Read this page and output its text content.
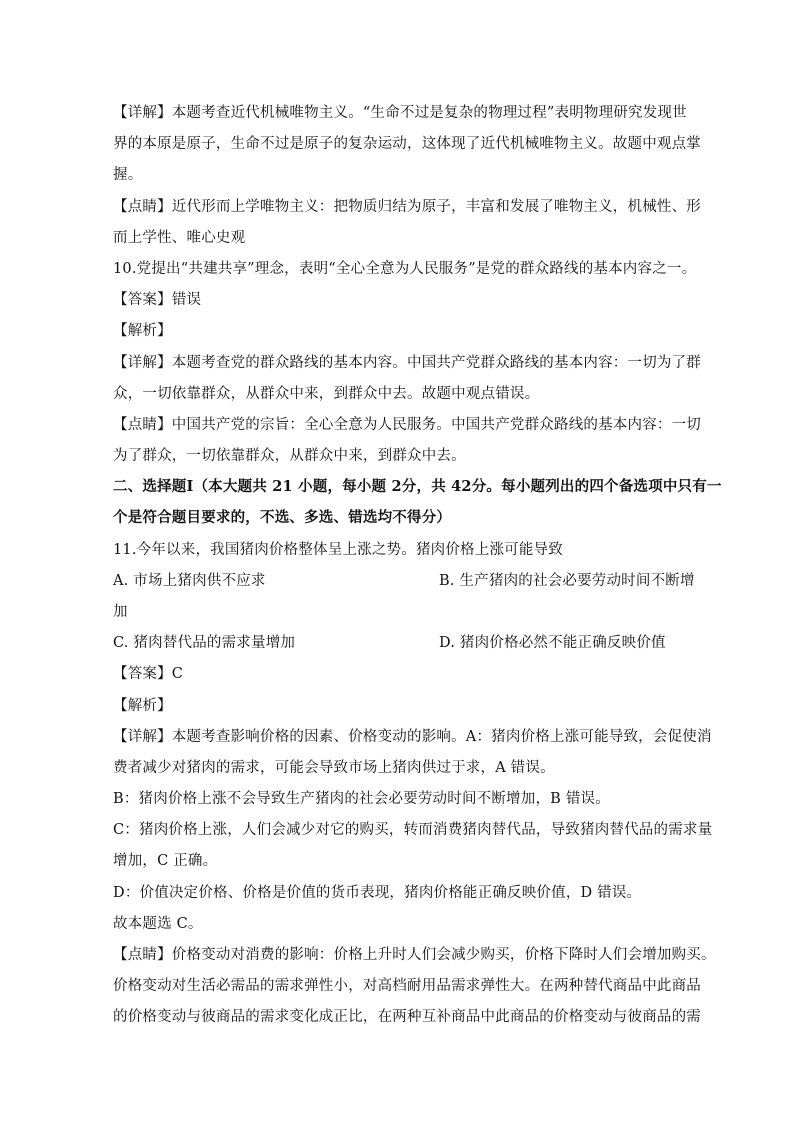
【详解】本题考查近代机械唯物主义。“生命不过是复杂的物理过程”表明物理研究发现世
界的本原是原子，生命不过是原子的复杂运动，这体现了近代机械唯物主义。故题中观点掌
握。
【点睛】近代形而上学唯物主义：把物质归结为原子，丰富和发展了唯物主义，机械性、形
而上学性、唯心史观
10.党提出“共建共享”理念，表明“全心全意为人民服务”是党的群众路线的基本内容之一。
【答案】错误
【解析】
【详解】本题考查党的群众路线的基本内容。中国共产党群众路线的基本内容：一切为了群
众，一切依靠群众，从群众中来，到群众中去。故题中观点错误。
【点睛】中国共产党的宗旨：全心全意为人民服务。中国共产党群众路线的基本内容：一切
为了群众，一切依靠群众，从群众中来，到群众中去。
二、选择题Ⅰ（本大题共 21 小题，每小题 2分，共 42分。每小题列出的四个备选项中只有一
个是符合题目要求的，不选、多选、错选均不得分）
11.今年以来，我国猪肉价格整体呈上涨之势。猪肉价格上涨可能导致
A. 市场上猪肉供不应求	B. 生产猪肉的社会必要劳动时间不断增
加
C. 猪肉替代品的需求量增加	D. 猪肉价格必然不能正确反映价值
【答案】C
【解析】
【详解】本题考查影响价格的因素、价格变动的影响。A：猪肉价格上涨可能导致，会促使消
费者减少对猪肉的需求，可能会导致市场上猪肉供过于求，A 错误。
B：猪肉价格上涨不会导致生产猪肉的社会必要劳动时间不断增加，B 错误。
C：猪肉价格上涨，人们会减少对它的购买，转而消费猪肉替代品，导致猪肉替代品的需求量
增加，C 正确。
D：价值决定价格、价格是价值的货币表现，猪肉价格能正确反映价值，D 错误。
故本题选 C。
【点睛】价格变动对消费的影响：价格上升时人们会减少购买，价格下降时人们会增加购买。
价格变动对生活必需品的需求弹性小，对高档耐用品需求弹性大。在两种替代商品中此商品
的价格变动与彼商品的需求变化成正比，在两种互补商品中此商品的价格变动与彼商品的需
